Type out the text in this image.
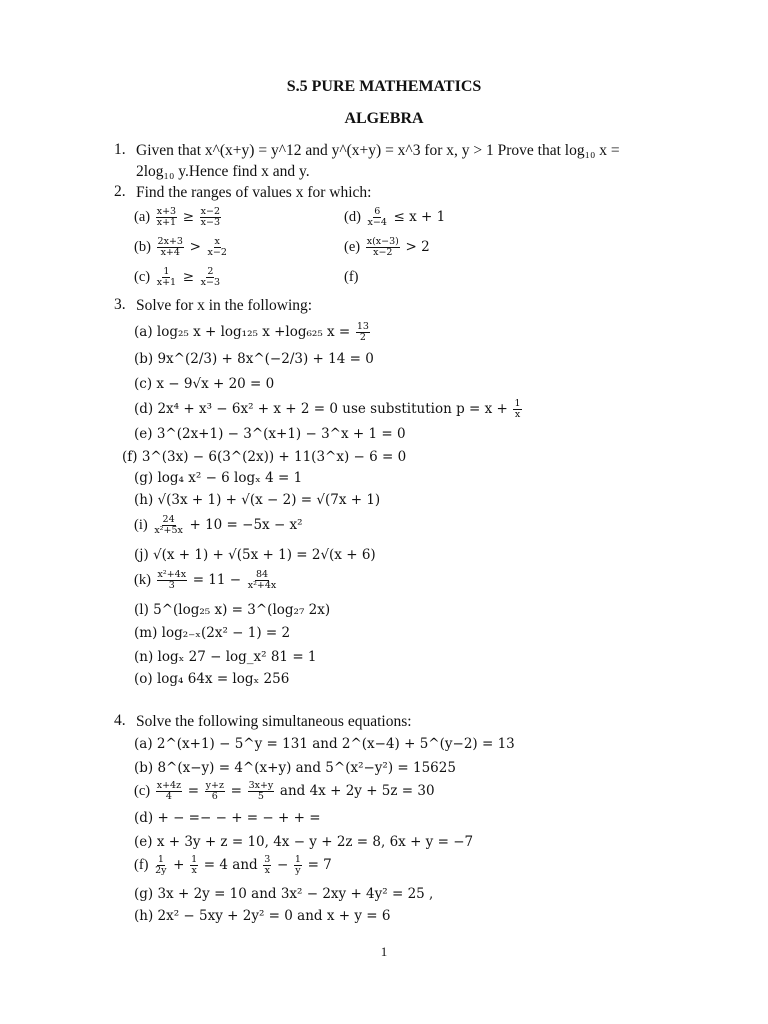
S.5 PURE MATHEMATICS
ALGEBRA
1. Given that x^(x+y) = y^12 and y^(x+y) = x^3 for x, y > 1 Prove that log₁₀ x =
2log₁₀ y.Hence find x and y.
2. Find the ranges of values x for which:
$(a) \frac{x+3}{x+1} \ge \frac{x-2}{x-3}$
$(b) \frac{2x+3}{x+4} > \frac{x}{x-2}$
$(c) \frac{1}{x+1} \ge \frac{2}{x-3}$
$(d) \frac{6}{x-4} \le x + 1$
$(e) \frac{x(x-3)}{x-2} > 2$
(f)
3. Solve for x in the following:
(a) log₂₅ x + log₁₂₅ x +log₆₂₅ $x = \frac{13}{2}$
(b) 9x^(2/3) + 8x^(−2/3) + 14 = 0
(c) x − 9√x + 20 = 0
(d) 2x⁴ + x³ − 6x² + x + 2 = 0 use substitution $p = x + \frac{1}{x}$
(e) 3^(2x+1) − 3^(x+1) − 3^x + 1 = 0
(f) 3^(3x) − 6(3^(2x)) + 11(3^x) − 6 = 0
(g) log₄ x² − 6 logₓ 4 = 1
(h) √(3x + 1) + √(x − 2) = √(7x + 1)
$(i) \frac{24}{\text{x²+5x}} + 10 = -5x - x^2$
(j) √(x + 1) + √(5x + 1) = 2√(x + 6)
$(k) \frac{\text{x²+4x}}{3} = 11 - \frac{84}{\text{x²+4x}}$
(l) 5^(log₂₅ x) = 3^(log₂₇ 2x)
(m) log₂₋ₓ(2x² − 1) = 2
(n) logₓ 27 − log_x² 81 = 1
(o) log₄ 64x = logₓ 256
4. Solve the following simultaneous equations:
(a) 2^(x+1) − 5^y = 131 and 2^(x−4) + 5^(y−2) = 13
(b) 8^(x−y) = 4^(x+y) and 5^(x²−y²) = 15625
$(c) \frac{x+4z}{4} = \frac{y+z}{6} = \frac{3x+y}{5}$ and 4x + 2y + 5z = 30
(d) + − =− − + = − + + =
(e) x + 3y + z = 10, 4x − y + 2z = 8, 6x + y = −7
$(f) \frac{1}{2y} + \frac{1}{x} = 4$ and $\frac{3}{x} - \frac{1}{y} = 7$
(g) 3x + 2y = 10 and 3x² − 2xy + 4y² = 25 ,
(h) 2x² − 5xy + 2y² = 0 and x + y = 6
1
